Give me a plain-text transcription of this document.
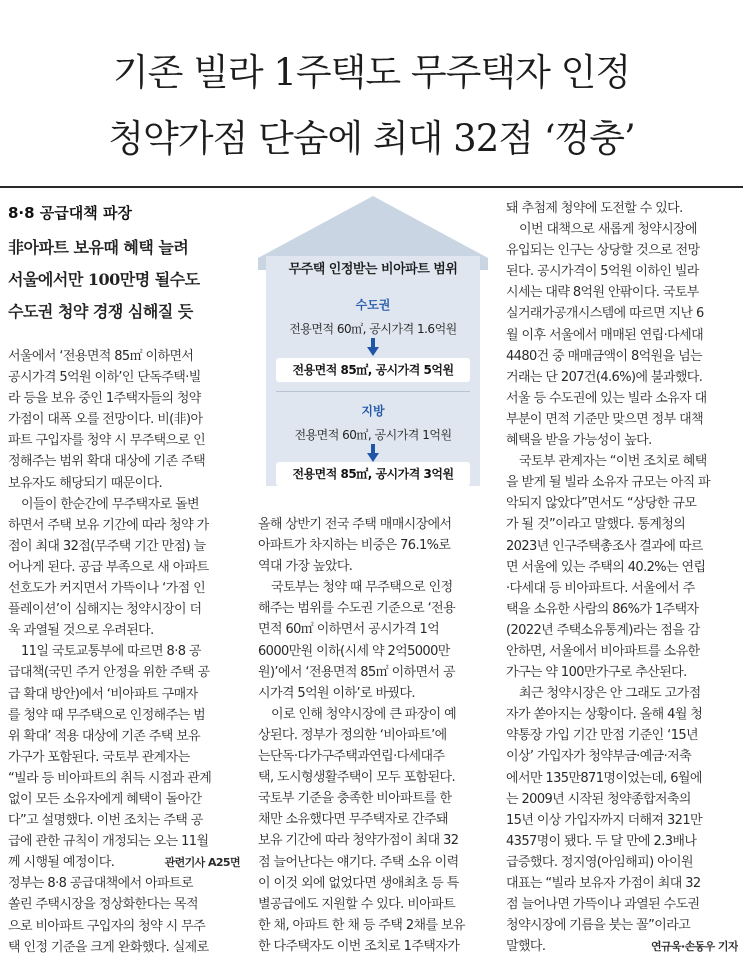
기존 빌라 1주택도 무주택자 인정
청약가점 단숨에 최대 32점 ‘껑충’
8·8 공급대책 파장
非아파트 보유때 혜택 늘려
서울에서만 100만명 될수도
수도권 청약 경쟁 심해질 듯
무주택 인정받는 비아파트 범위
수도권
전용면적 60㎡, 공시가격 1.6억원
전용면적 85㎡, 공시가격 5억원
지방
전용면적 60㎡, 공시가격 1억원
전용면적 85㎡, 공시가격 3억원
서울에서 ‘전용면적 85㎡ 이하면서
공시가격 5억원 이하’인 단독주택·빌
라 등을 보유 중인 1주택자들의 청약
가점이 대폭 오를 전망이다. 비(非)아
파트 구입자를 청약 시 무주택으로 인
정해주는 범위 확대 대상에 기존 주택
보유자도 해당되기 때문이다.
이들이 한순간에 무주택자로 돌변
하면서 주택 보유 기간에 따라 청약 가
점이 최대 32점(무주택 기간 만점) 늘
어나게 된다. 공급 부족으로 새 아파트
선호도가 커지면서 가뜩이나 ‘가점 인
플레이션’이 심해지는 청약시장이 더
욱 과열될 것으로 우려된다.
11일 국토교통부에 따르면 8·8 공
급대책(국민 주거 안정을 위한 주택 공
급 확대 방안)에서 ‘비아파트 구매자
를 청약 때 무주택으로 인정해주는 범
위 확대’ 적용 대상에 기존 주택 보유
가구가 포함된다. 국토부 관계자는
“빌라 등 비아파트의 취득 시점과 관계
없이 모든 소유자에게 혜택이 돌아간
다”고 설명했다. 이번 조치는 주택 공
급에 관한 규칙이 개정되는 오는 11월
께 시행될 예정이다.	관련기사 A25면
정부는 8·8 공급대책에서 아파트로
쏠린 주택시장을 정상화한다는 목적
으로 비아파트 구입자의 청약 시 무주
택 인정 기준을 크게 완화했다. 실제로
올해 상반기 전국 주택 매매시장에서
아파트가 차지하는 비중은 76.1%로
역대 가장 높았다.
국토부는 청약 때 무주택으로 인정
해주는 범위를 수도권 기준으로 ‘전용
면적 60㎡ 이하면서 공시가격 1억
6000만원 이하(시세 약 2억5000만
원)’에서 ‘전용면적 85㎡ 이하면서 공
시가격 5억원 이하’로 바꿨다.
이로 인해 청약시장에 큰 파장이 예
상된다. 정부가 정의한 ‘비아파트’에
는단독·다가구주택과연립·다세대주
택, 도시형생활주택이 모두 포함된다.
국토부 기준을 충족한 비아파트를 한
채만 소유했다면 무주택자로 간주돼
보유 기간에 따라 청약가점이 최대 32
점 늘어난다는 얘기다. 주택 소유 이력
이 이것 외에 없었다면 생애최초 등 특
별공급에도 지원할 수 있다. 비아파트
한 채, 아파트 한 채 등 주택 2채를 보유
한 다주택자도 이번 조치로 1주택자가
돼 추첨제 청약에 도전할 수 있다.
이번 대책으로 새롭게 청약시장에
유입되는 인구는 상당할 것으로 전망
된다. 공시가격이 5억원 이하인 빌라
시세는 대략 8억원 안팎이다. 국토부
실거래가공개시스템에 따르면 지난 6
월 이후 서울에서 매매된 연립·다세대
4480건 중 매매금액이 8억원을 넘는
거래는 단 207건(4.6%)에 불과했다.
서울 등 수도권에 있는 빌라 소유자 대
부분이 면적 기준만 맞으면 정부 대책
혜택을 받을 가능성이 높다.
국토부 관계자는 “이번 조치로 혜택
을 받게 될 빌라 소유자 규모는 아직 파
악되지 않았다”면서도 “상당한 규모
가 될 것”이라고 말했다. 통계청의
2023년 인구주택총조사 결과에 따르
면 서울에 있는 주택의 40.2%는 연립
·다세대 등 비아파트다. 서울에서 주
택을 소유한 사람의 86%가 1주택자
(2022년 주택소유통계)라는 점을 감
안하면, 서울에서 비아파트를 소유한
가구는 약 100만가구로 추산된다.
최근 청약시장은 안 그래도 고가점
자가 쏟아지는 상황이다. 올해 4월 청
약통장 가입 기간 만점 기준인 ‘15년
이상’ 가입자가 청약부금·예금·저축
에서만 135만871명이었는데, 6월에
는 2009년 시작된 청약종합저축의
15년 이상 가입자까지 더해져 321만
4357명이 됐다. 두 달 만에 2.3배나
급증했다. 정지영(아임해피) 아이원
대표는 “빌라 보유자 가점이 최대 32
점 늘어나면 가뜩이나 과열된 수도권
청약시장에 기름을 붓는 꼴”이라고
말했다.	연규욱·손동우 기자
